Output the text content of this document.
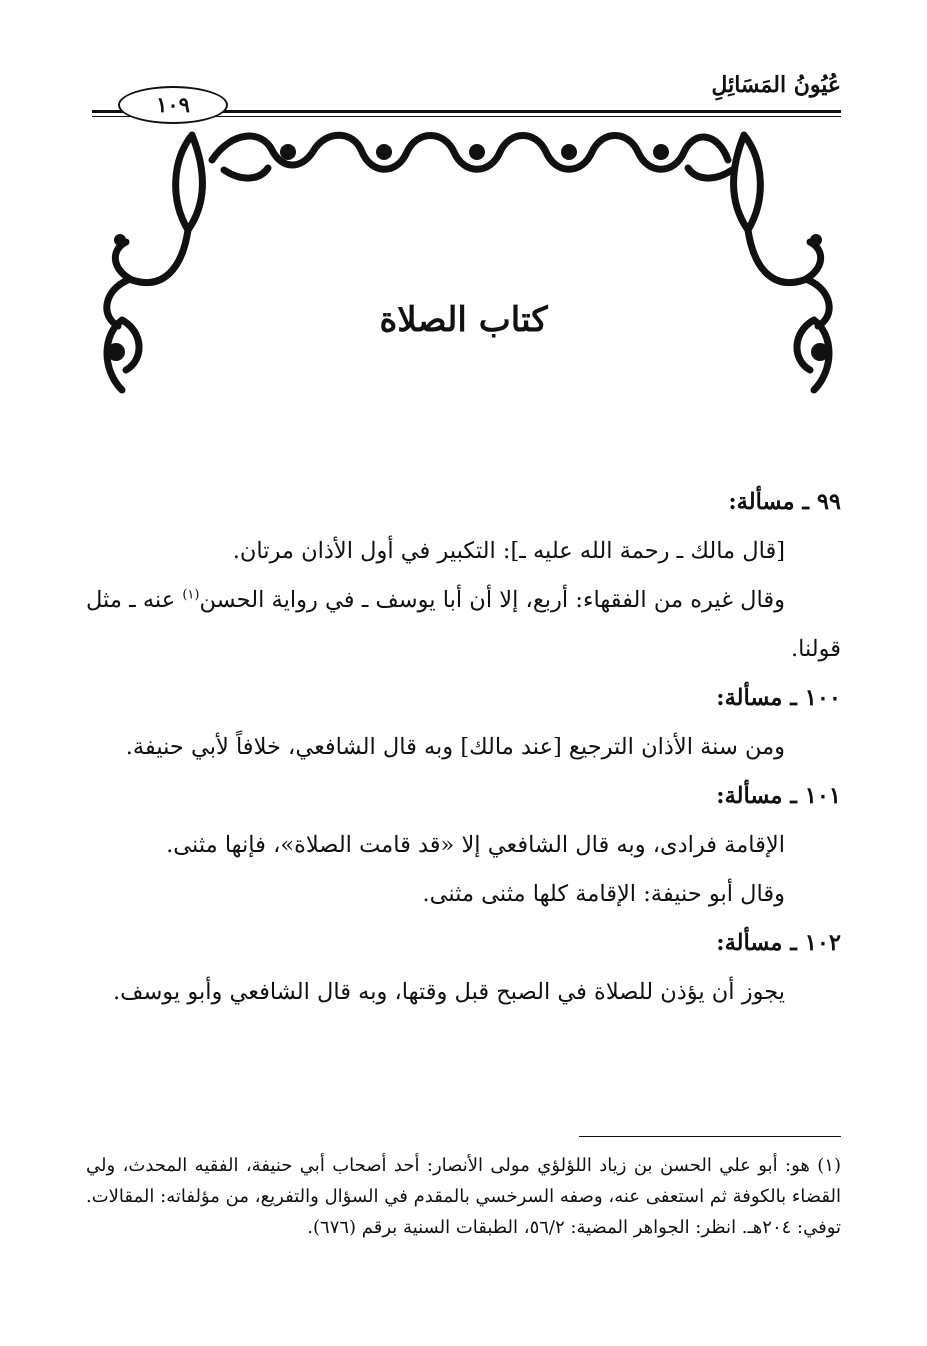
عُيُونُ المَسَائِلِ
١٠٩
كتاب الصلاة

٩٩ ـ مسألة:

[قال مالك ـ رحمة الله عليه ـ]: التكبير في أول الأذان مرتان.

وقال غيره من الفقهاء: أربع، إلا أن أبا يوسف ـ في رواية الحسن$^{(١)}$ عنه ـ مثل قولنا.

١٠٠ ـ مسألة:

ومن سنة الأذان الترجيع [عند مالك] وبه قال الشافعي، خلافاً لأبي حنيفة.

١٠١ ـ مسألة:

الإقامة فرادى، وبه قال الشافعي إلا «قد قامت الصلاة»، فإنها مثنى.

وقال أبو حنيفة: الإقامة كلها مثنى مثنى.

١٠٢ ـ مسألة:

يجوز أن يؤذن للصلاة في الصبح قبل وقتها، وبه قال الشافعي وأبو يوسف.

(١) هو: أبو علي الحسن بن زياد اللؤلؤي مولى الأنصار: أحد أصحاب أبي حنيفة، الفقيه المحدث، ولي القضاء بالكوفة ثم استعفى عنه، وصفه السرخسي بالمقدم في السؤال والتفريع، من مؤلفاته: المقالات. توفي: ٢٠٤هـ. انظر: الجواهر المضية: ٥٦/٢، الطبقات السنية برقم (٦٧٦).
